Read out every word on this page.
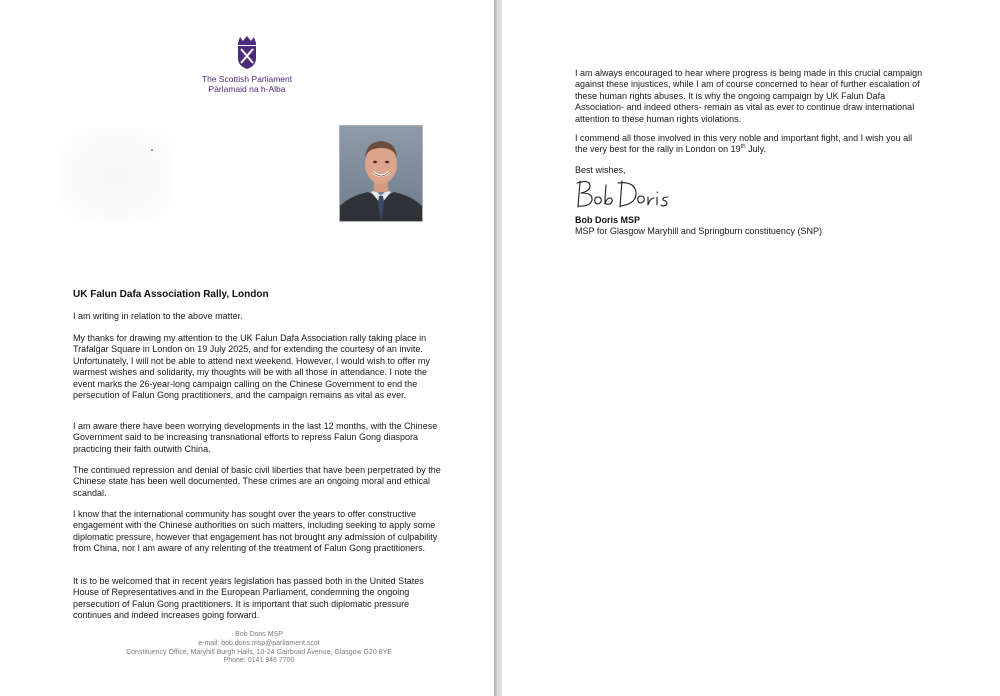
The Scottish Parliament
Pàrlamaid na h-Alba
UK Falun Dafa Association Rally, London

I am writing in relation to the above matter.

My thanks for drawing my attention to the UK Falun Dafa Association rally taking place in Trafalgar Square in London on 19 July 2025, and for extending the courtesy of an invite. Unfortunately, I will not be able to attend next weekend. However, I would wish to offer my warmest wishes and solidarity, my thoughts will be with all those in attendance. I note the event marks the 26-year-long campaign calling on the Chinese Government to end the persecution of Falun Gong practitioners, and the campaign remains as vital as ever.

I am aware there have been worrying developments in the last 12 months, with the Chinese Government said to be increasing transnational efforts to repress Falun Gong diaspora practicing their faith outwith China.

The continued repression and denial of basic civil liberties that have been perpetrated by the Chinese state has been well documented. These crimes are an ongoing moral and ethical scandal.

I know that the international community has sought over the years to offer constructive engagement with the Chinese authorities on such matters, including seeking to apply some diplomatic pressure, however that engagement has not brought any admission of culpability from China, nor I am aware of any relenting of the treatment of Falun Gong practitioners.

It is to be welcomed that in recent years legislation has passed both in the United States House of Representatives and in the European Parliament, condemning the ongoing persecution of Falun Gong practitioners. It is important that such diplomatic pressure continues and indeed increases going forward.

Bob Doris MSP
e-mail: bob.doris.msp@parliament.scot
Constituency Office, Maryhill Burgh Halls, 10-24 Gairbraid Avenue, Glasgow G20 8YE
Phone: 0141 946 7700

I am always encouraged to hear where progress is being made in this crucial campaign against these injustices, while I am of course concerned to hear of further escalation of these human rights abuses. It is why the ongoing campaign by UK Falun Dafa Association- and indeed others- remain as vital as ever to continue draw international attention to these human rights violations.

I commend all those involved in this very noble and important fight, and I wish you all the very best for the rally in London on 19th July.

Best wishes,
Bob Doris MSP
MSP for Glasgow Maryhill and Springburn constituency (SNP)
